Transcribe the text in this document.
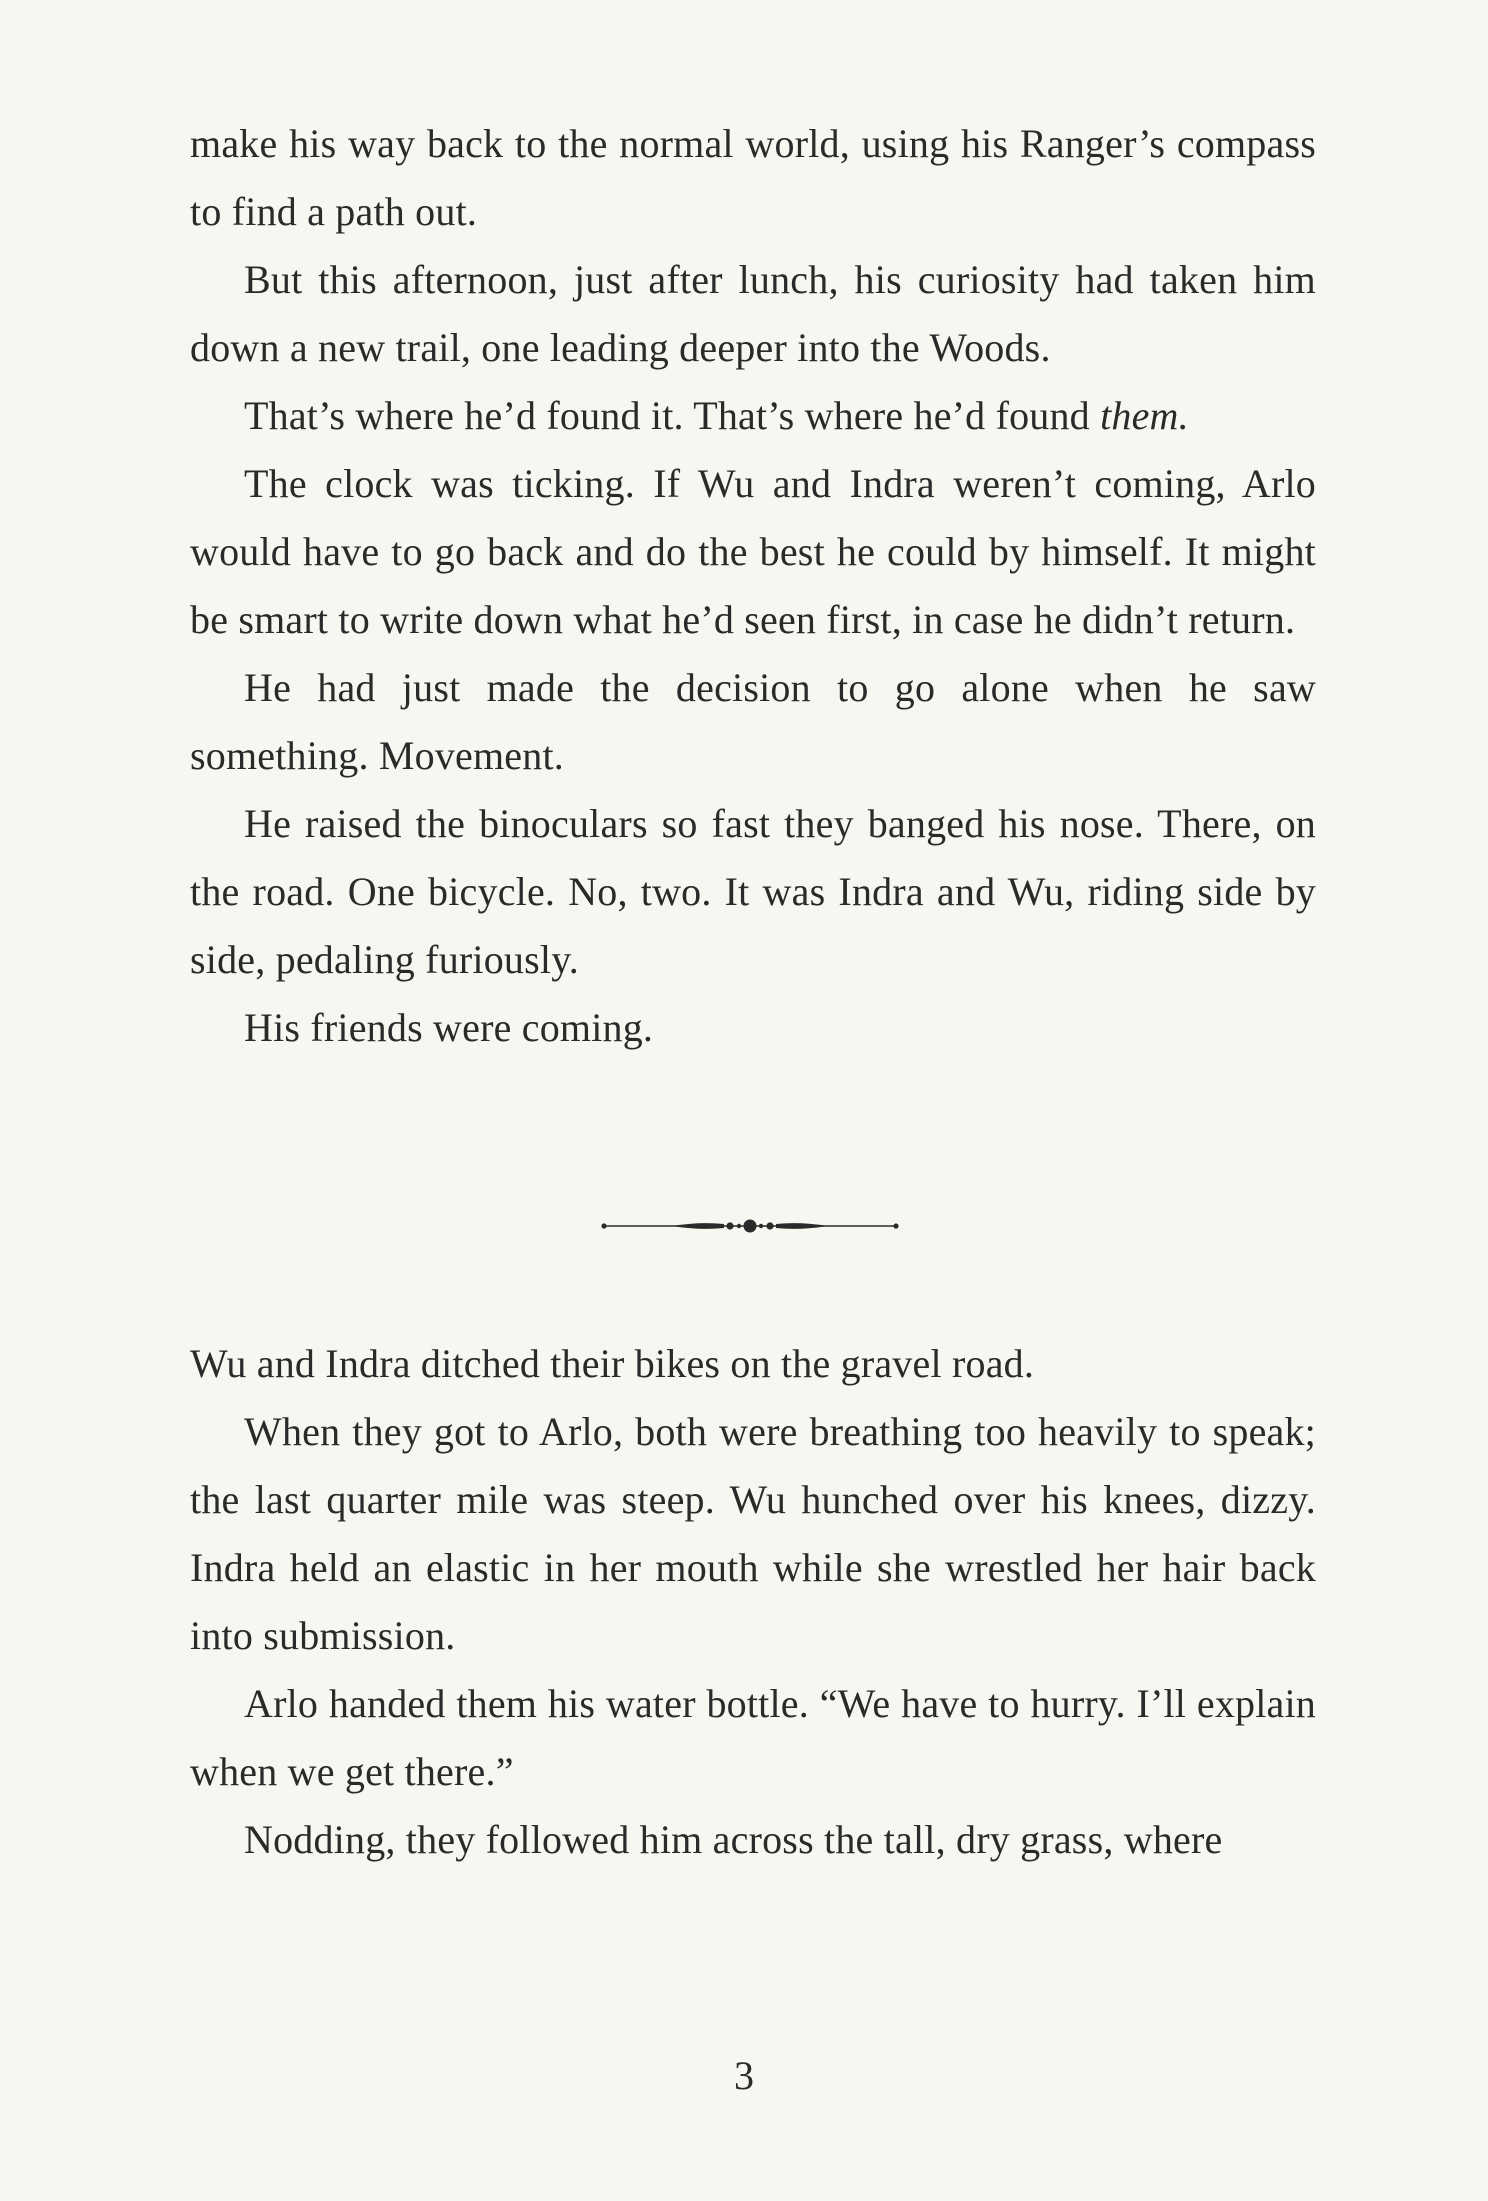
make his way back to the normal world, using his Ranger’s compass to find a path out.

But this afternoon, just after lunch, his curiosity had taken him down a new trail, one leading deeper into the Woods.

That’s where he’d found it. That’s where he’d found them.

The clock was ticking. If Wu and Indra weren’t coming, Arlo would have to go back and do the best he could by himself. It might be smart to write down what he’d seen first, in case he didn’t return.

He had just made the decision to go alone when he saw something. Movement.

He raised the binoculars so fast they banged his nose. There, on the road. One bicycle. No, two. It was Indra and Wu, riding side by side, pedaling furiously.

His friends were coming.

Wu and Indra ditched their bikes on the gravel road.

When they got to Arlo, both were breathing too heavily to speak; the last quarter mile was steep. Wu hunched over his knees, dizzy. Indra held an elastic in her mouth while she wrestled her hair back into submission.

Arlo handed them his water bottle. “We have to hurry. I’ll explain when we get there.”

Nodding, they followed him across the tall, dry grass, where

3
